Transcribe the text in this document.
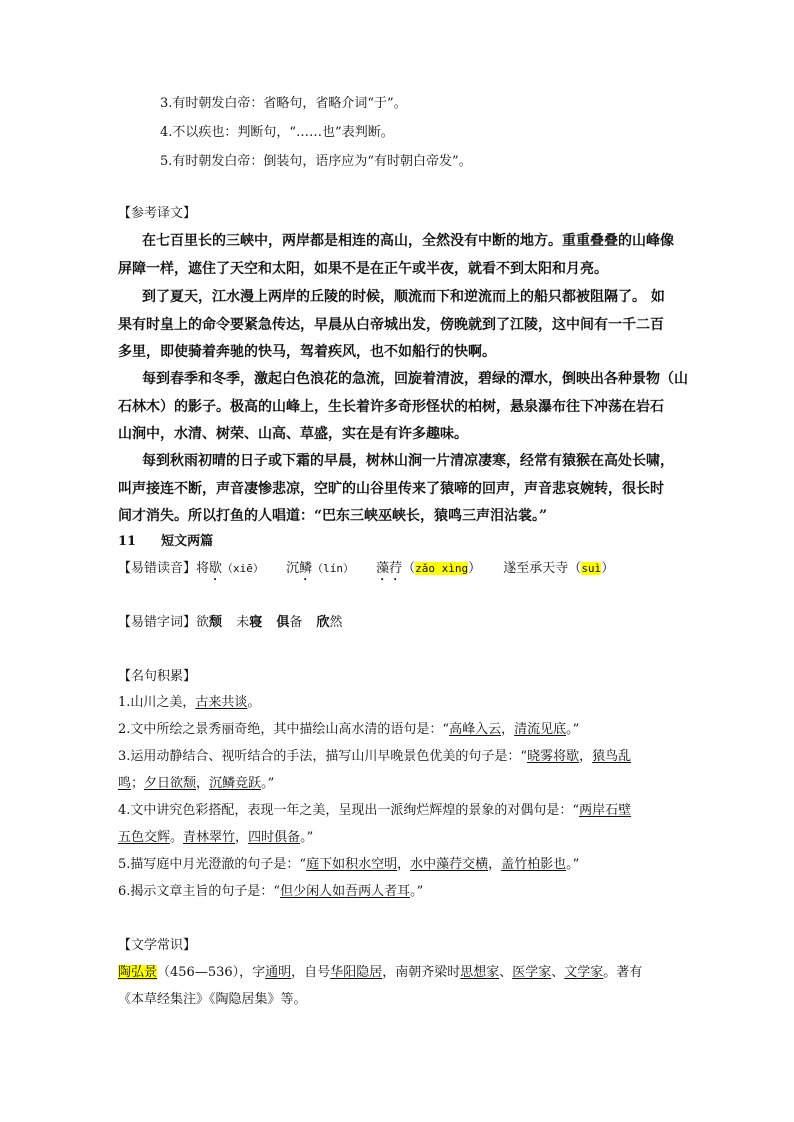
3.有时朝发白帝：省略句，省略介词“于”。
4.不以疾也：判断句，“……也”表判断。
5.有时朝发白帝：倒装句，语序应为“有时朝白帝发”。
【参考译文】
在七百里长的三峡中，两岸都是相连的高山，全然没有中断的地方。重重叠叠的山峰像
屏障一样，遮住了天空和太阳，如果不是在正午或半夜，就看不到太阳和月亮。
到了夏天，江水漫上两岸的丘陵的时候，顺流而下和逆流而上的船只都被阻隔了。 如
果有时皇上的命令要紧急传达，早晨从白帝城出发，傍晚就到了江陵，这中间有一千二百
多里，即使骑着奔驰的快马，驾着疾风，也不如船行的快啊。
每到春季和冬季，激起白色浪花的急流，回旋着清波，碧绿的潭水，倒映出各种景物（山
石林木）的影子。极高的山峰上，生长着许多奇形怪状的柏树，悬泉瀑布往下冲荡在岩石
山涧中，水清、树荣、山高、草盛，实在是有许多趣味。
每到秋雨初晴的日子或下霜的早晨，树林山涧一片清凉凄寒，经常有猿猴在高处长啸，
叫声接连不断，声音凄惨悲凉，空旷的山谷里传来了猿啼的回声，声音悲哀婉转，很长时
间才消失。所以打鱼的人唱道：“巴东三峡巫峡长，猿鸣三声泪沾裳。”
11 短文两篇
【易错读音】将歇（xiē） 沉鳞（lín） 藻荇（zǎo xìng） 遂至承天寺（suì）
【易错字词】欲颓 未寝 俱备 欣然
【名句积累】
1.山川之美，古来共谈。
2.文中所绘之景秀丽奇绝，其中描绘山高水清的语句是：“高峰入云，清流见底。”
3.运用动静结合、视听结合的手法，描写山川早晚景色优美的句子是：“晓雾将歇，猿鸟乱
鸣；夕日欲颓，沉鳞竞跃。”
4.文中讲究色彩搭配，表现一年之美，呈现出一派绚烂辉煌的景象的对偶句是：“两岸石壁
五色交辉。青林翠竹，四时俱备。”
5.描写庭中月光澄澈的句子是：“庭下如积水空明，水中藻荇交横，盖竹柏影也。”
6.揭示文章主旨的句子是：“但少闲人如吾两人者耳。”
【文学常识】
陶弘景（456—536），字通明，自号华阳隐居，南朝齐梁时思想家、医学家、文学家。著有
《本草经集注》《陶隐居集》等。
